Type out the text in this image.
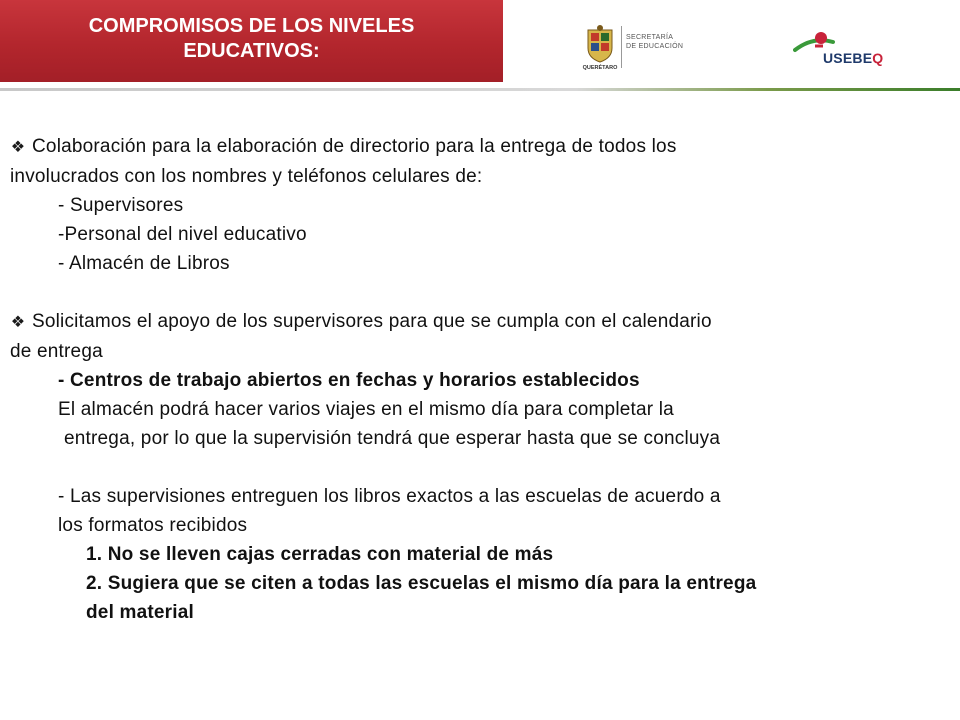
COMPROMISOS DE LOS NIVELES
EDUCATIVOS:
QUERÉTARO
SECRETARÍA
DE EDUCACIÓN
USEBEQ
❖ Colaboración para la elaboración de directorio para la entrega de todos los
involucrados con los nombres y teléfonos celulares de:
- Supervisores
-Personal del nivel educativo
- Almacén de Libros
❖ Solicitamos el apoyo de los supervisores para que se cumpla con el calendario
de entrega
- Centros de trabajo abiertos en fechas y horarios establecidos
El almacén podrá hacer varios viajes en el mismo día para completar la
entrega, por lo que la supervisión tendrá que esperar hasta que se concluya
- Las supervisiones entreguen los libros exactos a las escuelas de acuerdo a
los formatos recibidos
1. No se lleven cajas cerradas con material de más
2. Sugiera que se citen a todas las escuelas el mismo día para la entrega
del material
